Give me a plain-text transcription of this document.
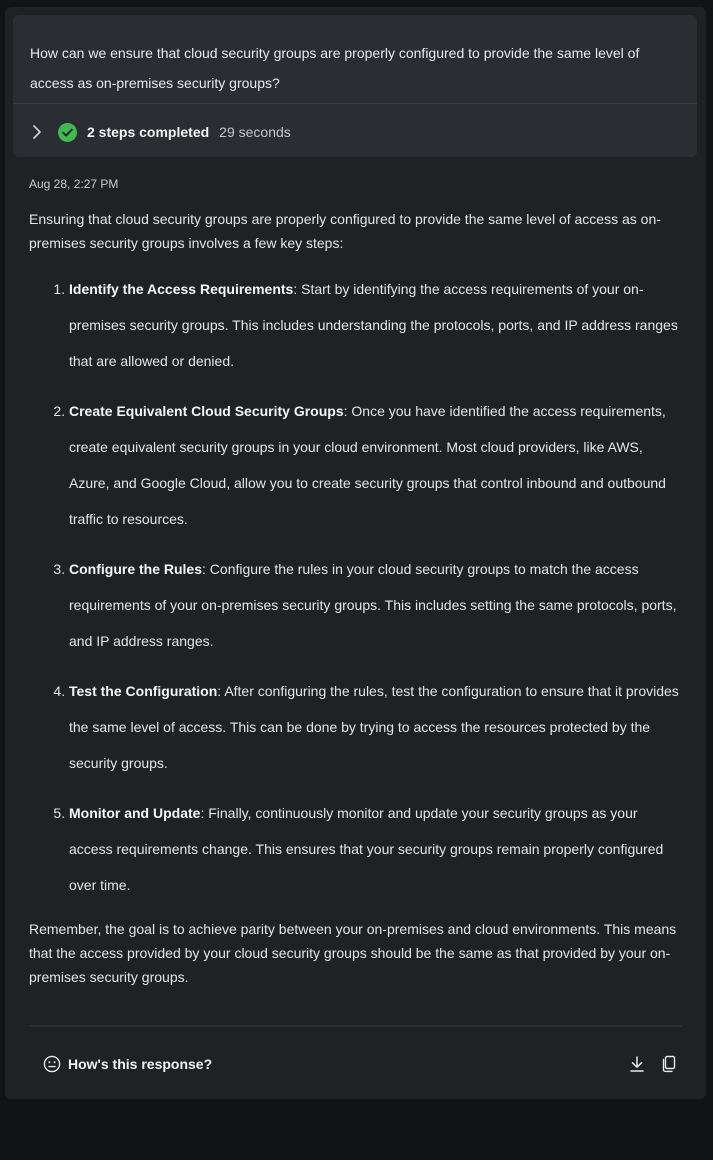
How can we ensure that cloud security groups are properly configured to provide the same level of access as on-premises security groups?
2 steps completed 29 seconds
Aug 28, 2:27 PM

Ensuring that cloud security groups are properly configured to provide the same level of access as on-premises security groups involves a few key steps:

1. Identify the Access Requirements: Start by identifying the access requirements of your on-premises security groups. This includes understanding the protocols, ports, and IP address ranges that are allowed or denied.
2. Create Equivalent Cloud Security Groups: Once you have identified the access requirements, create equivalent security groups in your cloud environment. Most cloud providers, like AWS, Azure, and Google Cloud, allow you to create security groups that control inbound and outbound traffic to resources.
3. Configure the Rules: Configure the rules in your cloud security groups to match the access requirements of your on-premises security groups. This includes setting the same protocols, ports, and IP address ranges.
4. Test the Configuration: After configuring the rules, test the configuration to ensure that it provides the same level of access. This can be done by trying to access the resources protected by the security groups.
5. Monitor and Update: Finally, continuously monitor and update your security groups as your access requirements change. This ensures that your security groups remain properly configured over time.

Remember, the goal is to achieve parity between your on-premises and cloud environments. This means that the access provided by your cloud security groups should be the same as that provided by your on-premises security groups.

How's this response?
